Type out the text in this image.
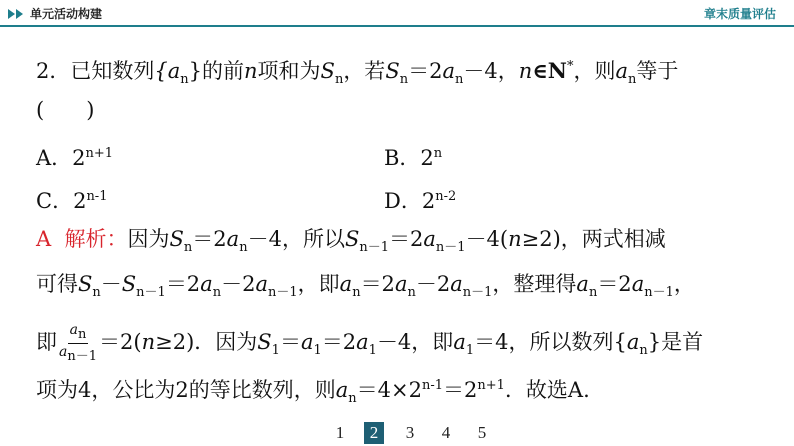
单元活动构建	章末质量评估
2．已知数列$\{a_n\}$的前n项和为$S_n$，若$S_n=2a_n-4$，n∈N*，则$a_n$等于
(　　)
A．$2^{n+1}$	B．2$^n$
C．2$^{n-1}$	D．2$^{n-2}$
A 解析：因为$S_n=2a_n-4$，所以$S_{n-1}=2a_{n-1}-4(n\ge 2)$，两式相减
可得$S_n-S_{n-1}=2a_n-2a_{n-1}$，即$a_n=2a_n-2a_{n-1}$，整理得$a_n=2a_{n-1}$，
即 $\frac{a_n}{a_{n-1}} =2(n\ge 2)$．因为$S_1=a_1=2a_1-4$，即$a_1=4$，所以数列$\{a_n\}$是首
项为4，公比为2的等比数列，则$a_n=4\times 2^{n-1}=2^{n+1}$．故选A.
1	2	3	4	5
